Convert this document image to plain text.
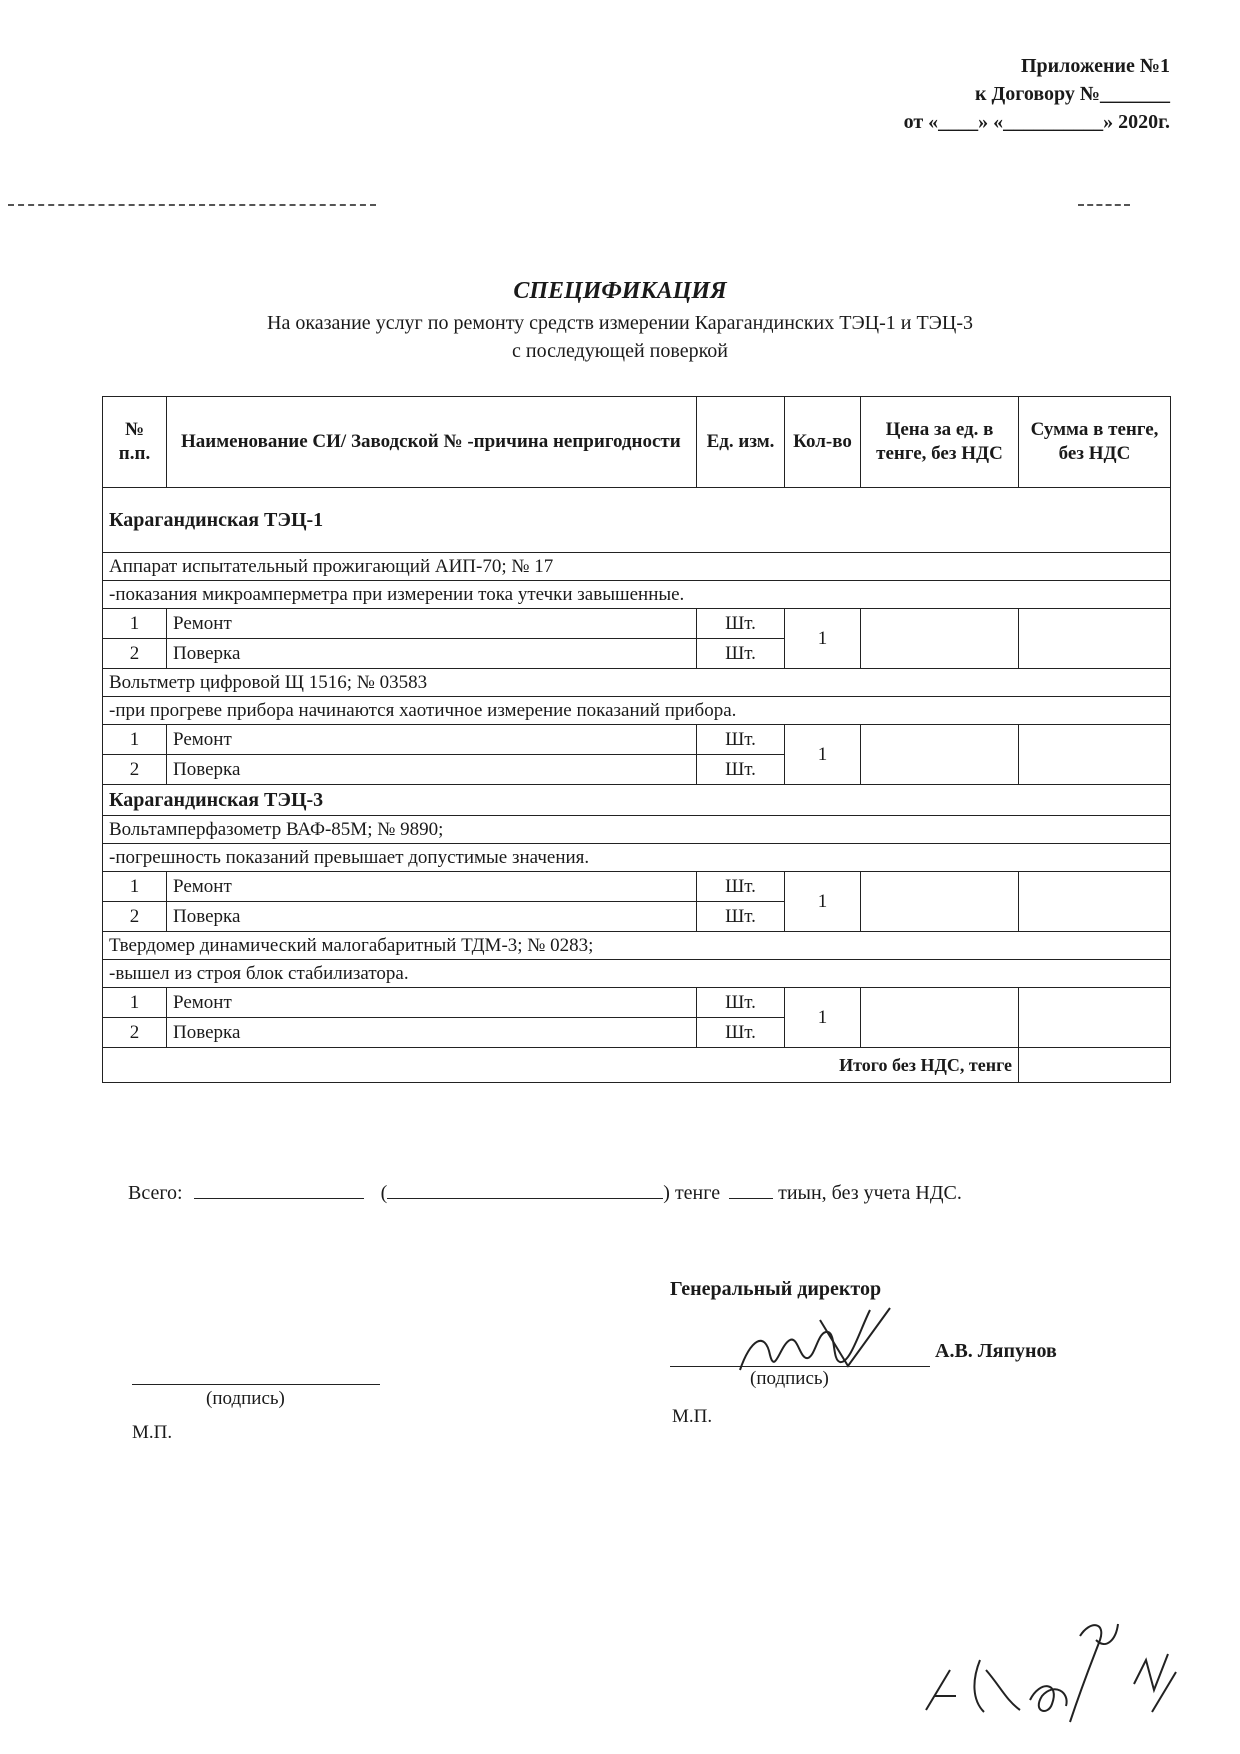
Приложение №1
к Договору №_______
от «____» «__________» 2020г.
СПЕЦИФИКАЦИЯ
На оказание услуг по ремонту средств измерении Карагандинских ТЭЦ-1 и ТЭЦ-3
с последующей поверкой
№ п.п.	Наименование СИ/ Заводской № -причина непригодности	Ед. изм.	Кол-во	Цена за ед. в тенге, без НДС	Сумма в тенге, без НДС
Карагандинская ТЭЦ-1					
Аппарат испытательный прожигающий АИП-70; № 17					
-показания микроамперметра при измерении тока утечки завышенные.					
1	Ремонт	Шт.	1		
2	Поверка	Шт.			
Вольтметр цифровой Щ 1516; № 03583					
-при прогреве прибора начинаются хаотичное измерение показаний прибора.					
1	Ремонт	Шт.	1		
2	Поверка	Шт.			
Карагандинская ТЭЦ-3					
Вольтамперфазометр ВАФ-85М; № 9890;					
-погрешность показаний превышает допустимые значения.					
1	Ремонт	Шт.	1		
2	Поверка	Шт.			
Твердомер динамический малогабаритный ТДМ-3; № 0283;					
-вышел из строя блок стабилизатора.					
1	Ремонт	Шт.	1		
2	Поверка	Шт.			
Итого без НДС, тенге					
Всего:	(	) тенге	тиын, без учета НДС.
Генеральный директор
А.В. Ляпунов
(подпись)
М.П.
(подпись)
М.П.
